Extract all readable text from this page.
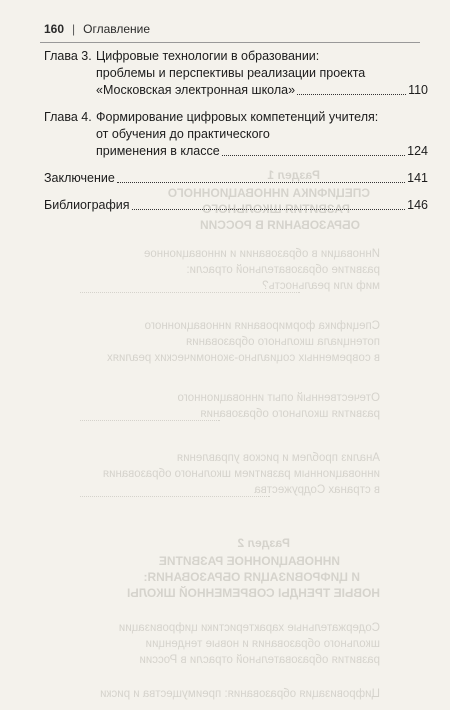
Раздел 1
СПЕЦИФИКА ИННОВАЦИОННОГО
РАЗВИТИЯ ШКОЛЬНОГО
ОБРАЗОВАНИЯ В РОССИИ
Инновации в образовании и инновационное
развитие образовательной отрасли:
миф или реальность?
Специфика формирования инновационного
потенциала школьного образования
в современных социально-экономических реалиях
Отечественный опыт инновационного
развития школьного образования
Анализ проблем и рисков управления
инновационным развитием школьного образования
в странах Содружества
Раздел 2
ИННОВАЦИОННОЕ РАЗВИТИЕ
И ЦИФРОВИЗАЦИЯ ОБРАЗОВАНИЯ:
НОВЫЕ ТРЕНДЫ СОВРЕМЕННОЙ ШКОЛЫ
Содержательные характеристики цифровизации
школьного образования и новые тенденции
развития образовательной отрасли в России
Цифровизация образования: преимущества и риски
160 | Оглавление
Глава 3. Цифровые технологии в образовании:
проблемы и перспективы реализации проекта
«Московская электронная школа»	110
Глава 4. Формирование цифровых компетенций учителя:
от обучения до практического
применения в классе	124
Заключение	141
Библиография	146
